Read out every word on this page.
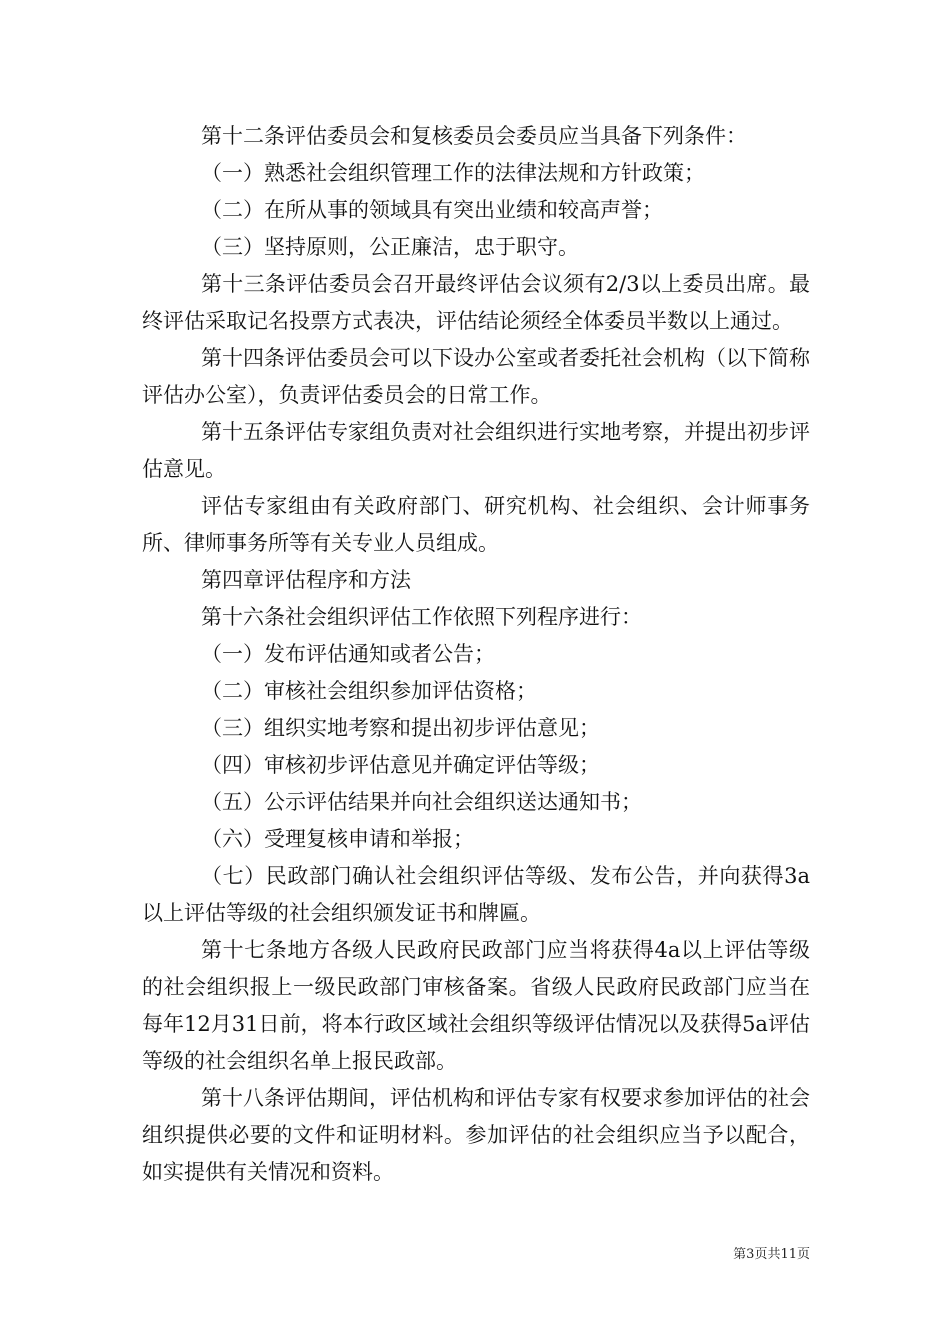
第十二条评估委员会和复核委员会委员应当具备下列条件：

（一）熟悉社会组织管理工作的法律法规和方针政策；

（二）在所从事的领域具有突出业绩和较高声誉；

（三）坚持原则，公正廉洁，忠于职守。

第十三条评估委员会召开最终评估会议须有2/3以上委员出席。最终评估采取记名投票方式表决，评估结论须经全体委员半数以上通过。

第十四条评估委员会可以下设办公室或者委托社会机构（以下简称评估办公室），负责评估委员会的日常工作。

第十五条评估专家组负责对社会组织进行实地考察，并提出初步评估意见。

评估专家组由有关政府部门、研究机构、社会组织、会计师事务所、律师事务所等有关专业人员组成。

第四章评估程序和方法

第十六条社会组织评估工作依照下列程序进行：

（一）发布评估通知或者公告；

（二）审核社会组织参加评估资格；

（三）组织实地考察和提出初步评估意见；

（四）审核初步评估意见并确定评估等级；

（五）公示评估结果并向社会组织送达通知书；

（六）受理复核申请和举报；

（七）民政部门确认社会组织评估等级、发布公告，并向获得3a以上评估等级的社会组织颁发证书和牌匾。

第十七条地方各级人民政府民政部门应当将获得4a以上评估等级的社会组织报上一级民政部门审核备案。省级人民政府民政部门应当在每年12月31日前，将本行政区域社会组织等级评估情况以及获得5a评估等级的社会组织名单上报民政部。

第十八条评估期间，评估机构和评估专家有权要求参加评估的社会组织提供必要的文件和证明材料。参加评估的社会组织应当予以配合，如实提供有关情况和资料。

第3页共11页
